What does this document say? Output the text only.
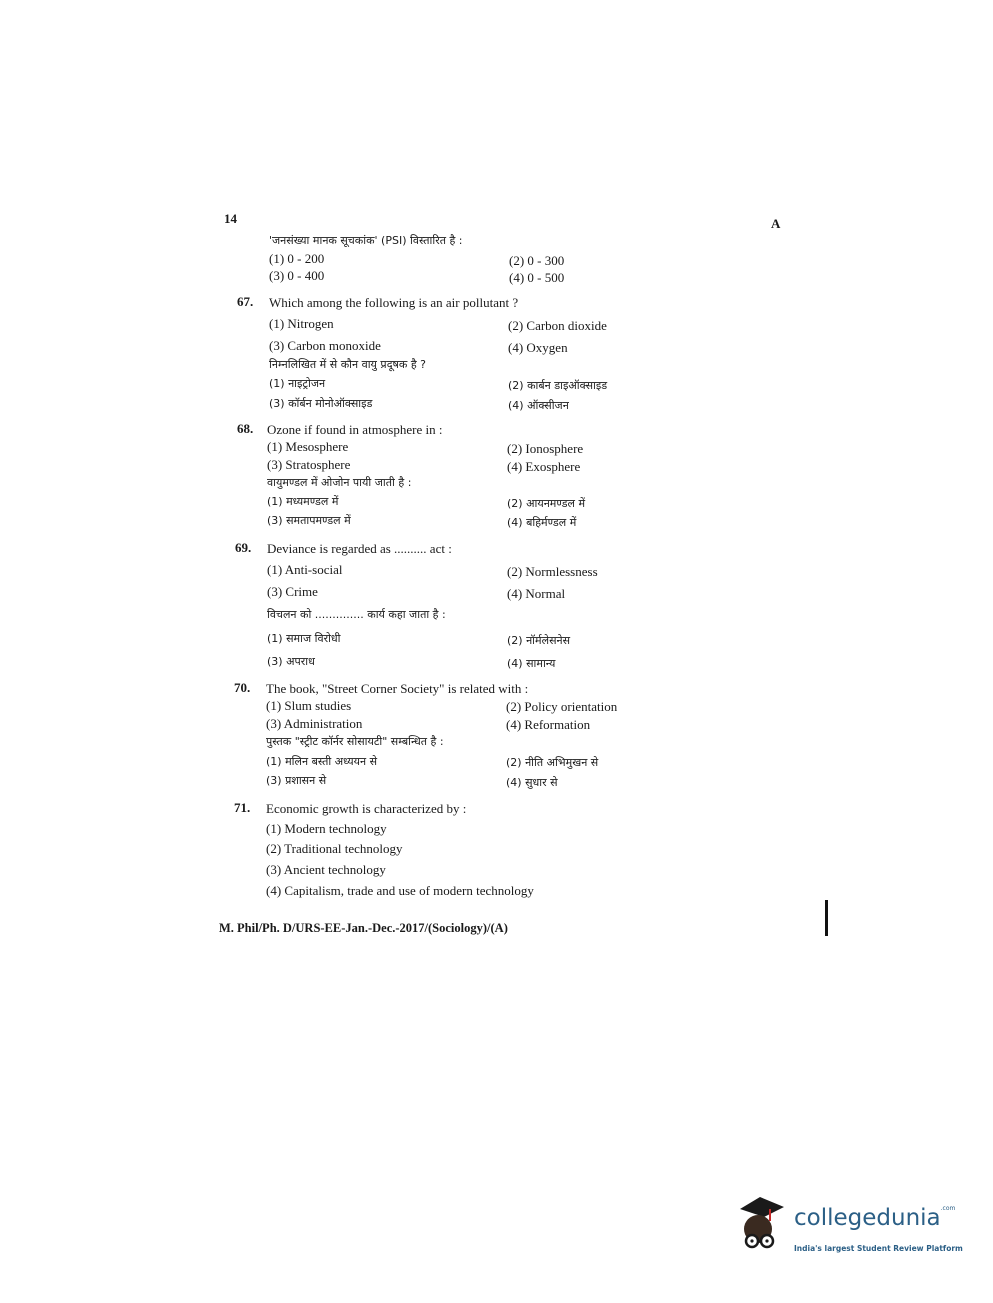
14	A
'जनसंख्या मानक सूचकांक' (PSI) विस्तारित है :
(1) 0 - 200	(2) 0 - 300
(3) 0 - 400	(4) 0 - 500
67. Which among the following is an air pollutant ?
(1) Nitrogen	(2) Carbon dioxide
(3) Carbon monoxide	(4) Oxygen
निम्नलिखित में से कौन वायु प्रदूषक है ?
(1) नाइट्रोजन	(2) कार्बन डाइऑक्साइड
(3) कॉर्बन मोनोऑक्साइड	(4) ऑक्सीजन
68. Ozone if found in atmosphere in :
(1) Mesosphere	(2) Ionosphere
(3) Stratosphere	(4) Exosphere
वायुमण्डल में ओजोन पायी जाती है :
(1) मध्यमण्डल में	(2) आयनमण्डल में
(3) समतापमण्डल में	(4) बहिर्मण्डल में
69. Deviance is regarded as .......... act :
(1) Anti-social	(2) Normlessness
(3) Crime	(4) Normal
विचलन को .............. कार्य कहा जाता है :
(1) समाज विरोधी	(2) नॉर्मलेसनेस
(3) अपराध	(4) सामान्य
70. The book, "Street Corner Society" is related with :
(1) Slum studies	(2) Policy orientation
(3) Administration	(4) Reformation
पुस्तक "स्ट्रीट कॉर्नर सोसायटी" सम्बन्धित है :
(1) मलिन बस्ती अध्ययन से	(2) नीति अभिमुखन से
(3) प्रशासन से	(4) सुधार से
71. Economic growth is characterized by :
(1) Modern technology
(2) Traditional technology
(3) Ancient technology
(4) Capitalism, trade and use of modern technology
M. Phil/Ph. D/URS-EE-Jan.-Dec.-2017/(Sociology)/(A)
collegedunia$^{.com}$
India's largest Student Review Platform
